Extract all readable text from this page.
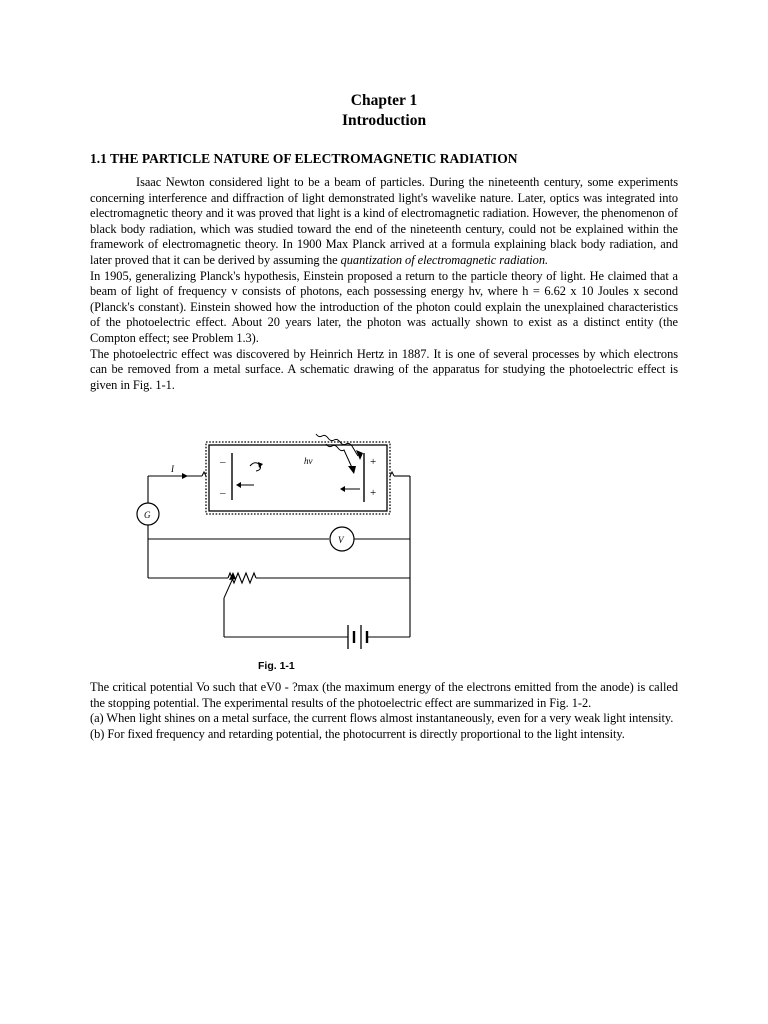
Chapter 1
Introduction
1.1 THE PARTICLE NATURE OF ELECTROMAGNETIC RADIATION

Isaac Newton considered light to be a beam of particles. During the nineteenth century, some experiments concerning interference and diffraction of light demonstrated light's wavelike nature. Later, optics was integrated into electromagnetic theory and it was proved that light is a kind of electromagnetic radiation. However, the phenomenon of black body radiation, which was studied toward the end of the nineteenth century, could not be explained within the framework of electromagnetic theory. In 1900 Max Planck arrived at a formula explaining black body radiation, and later proved that it can be derived by assuming the quantization of electromagnetic radiation.

In 1905, generalizing Planck's hypothesis, Einstein proposed a return to the particle theory of light. He claimed that a beam of light of frequency v consists of photons, each possessing energy hv, where h = 6.62 x 10 Joules x second (Planck's constant). Einstein showed how the introduction of the photon could explain the unexplained characteristics of the photoelectric effect. About 20 years later, the photon was actually shown to exist as a distinct entity (the Compton effect; see Problem 1.3).

The photoelectric effect was discovered by Heinrich Hertz in 1887. It is one of several processes by which electrons can be removed from a metal surface. A schematic drawing of the apparatus for studying the photoelectric effect is given in Fig. 1-1.

–
–
+
+
hv
I
G
V
Fig. 1-1

The critical potential Vo such that eV0 - ?max (the maximum energy of the electrons emitted from the anode) is called the stopping potential. The experimental results of the photoelectric effect are summarized in Fig. 1-2.

(a) When light shines on a metal surface, the current flows almost instantaneously, even for a very weak light intensity.

(b) For fixed frequency and retarding potential, the photocurrent is directly proportional to the light intensity.
